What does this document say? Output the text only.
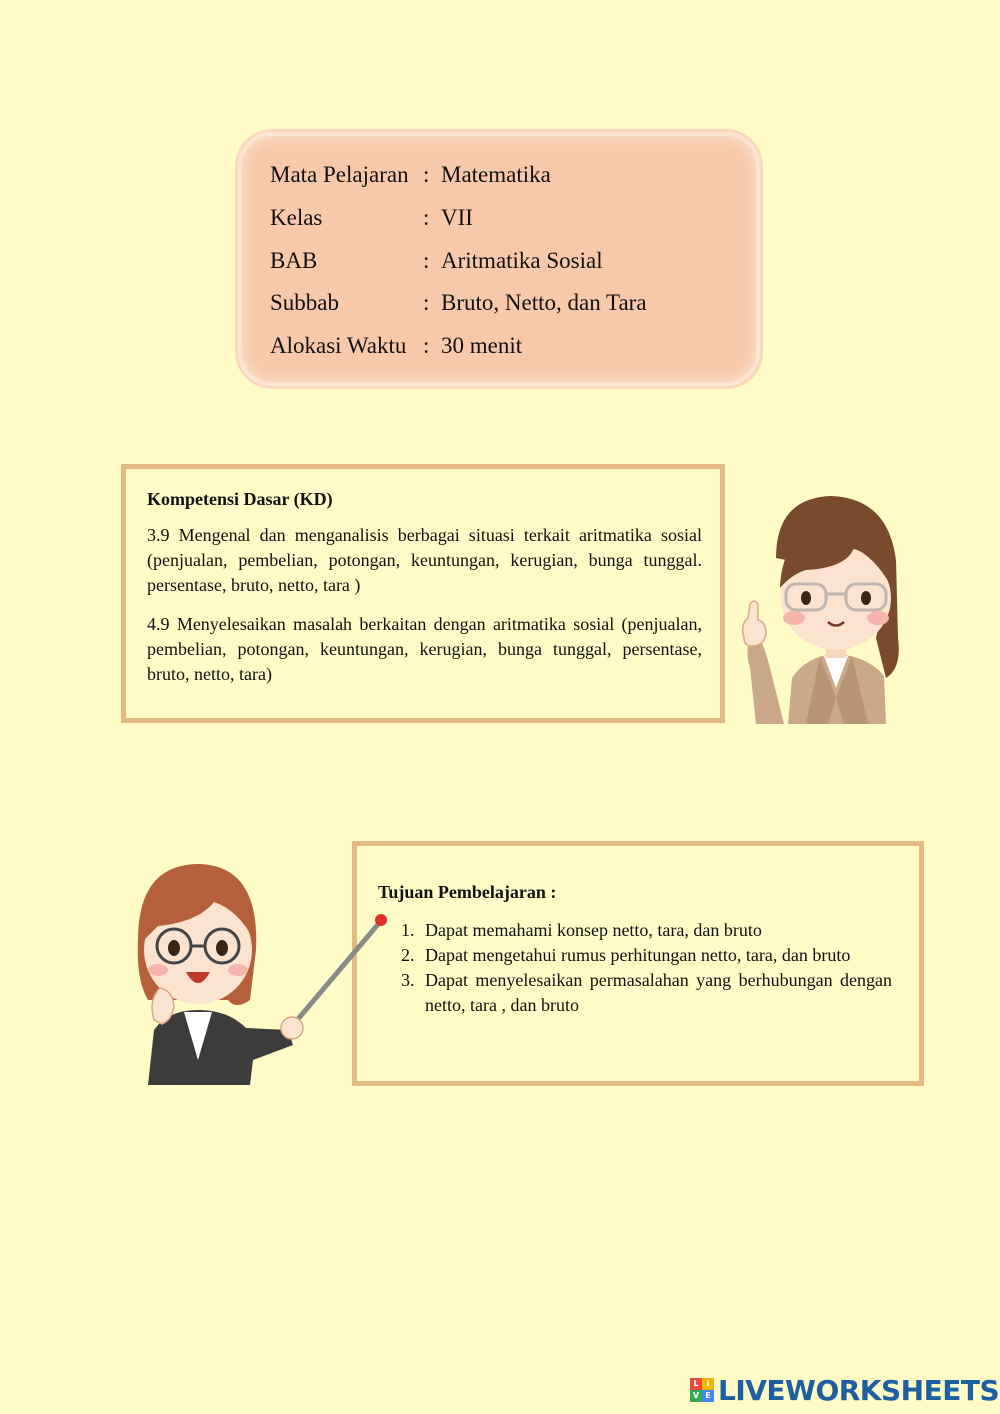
Mata Pelajaran : Matematika
Kelas	: VII
BAB	: Aritmatika Sosial
Subbab	: Bruto, Netto, dan Tara
Alokasi Waktu : 30 menit
Kompetensi Dasar (KD)
3.9 Mengenal dan menganalisis berbagai situasi terkait aritmatika sosial (penjualan, pembelian, potongan, keuntungan, kerugian, bunga tunggal. persentase, bruto, netto, tara )
4.9 Menyelesaikan masalah berkaitan dengan aritmatika sosial (penjualan, pembelian, potongan, keuntungan, kerugian, bunga tunggal, persentase, bruto, netto, tara)
Tujuan Pembelajaran :
1. Dapat memahami konsep netto, tara, dan bruto
2. Dapat mengetahui rumus perhitungan netto, tara, dan bruto
3. Dapat menyelesaikan permasalahan yang berhubungan dengan netto, tara , dan bruto
L I
V E LIVEWORKSHEETS
